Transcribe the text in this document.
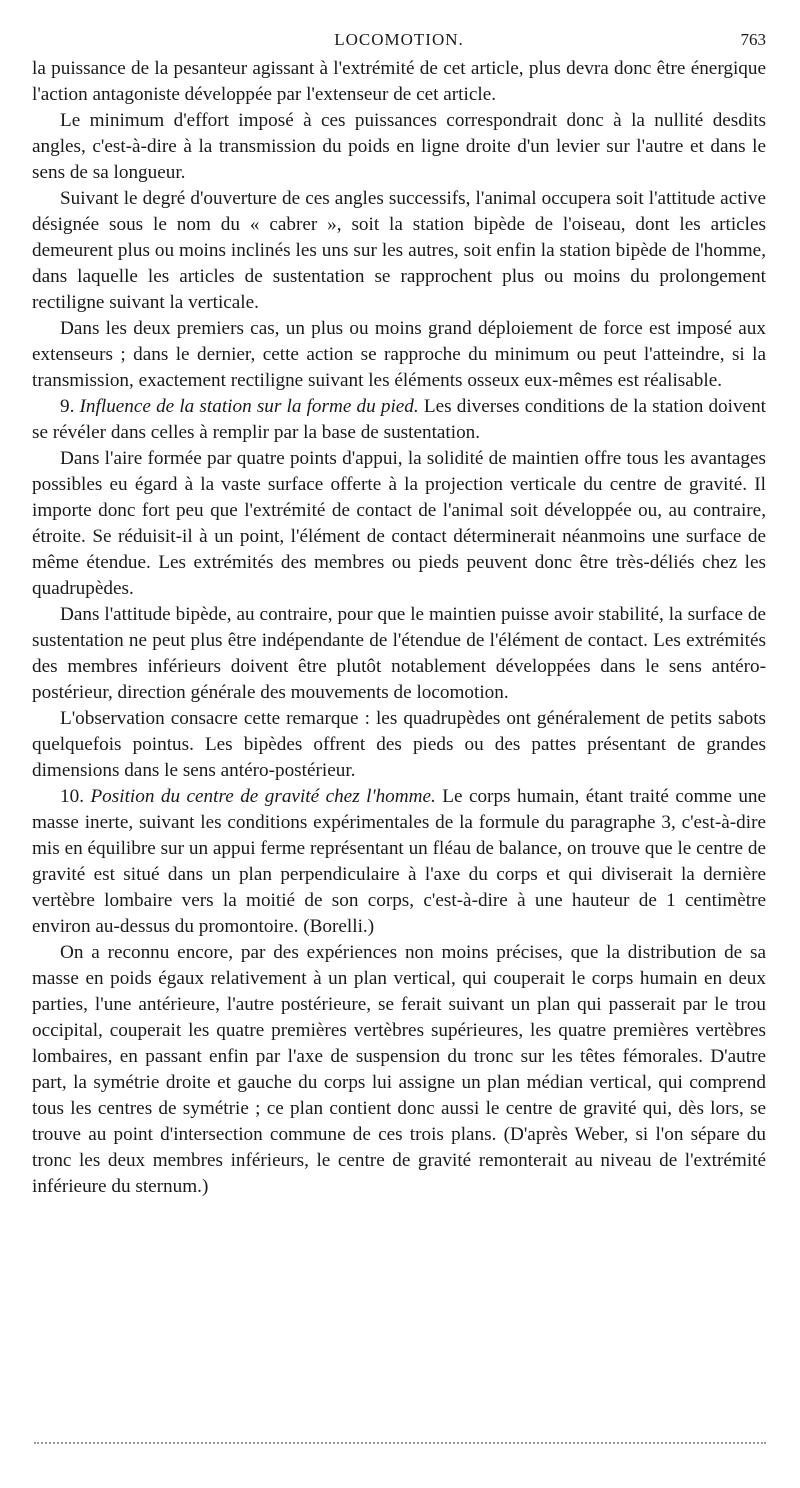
LOCOMOTION.	763

la puissance de la pesanteur agissant à l'extrémité de cet article, plus devra donc être énergique l'action antagoniste développée par l'extenseur de cet article.

Le minimum d'effort imposé à ces puissances correspondrait donc à la nullité desdits angles, c'est-à-dire à la transmission du poids en ligne droite d'un levier sur l'autre et dans le sens de sa longueur.

Suivant le degré d'ouverture de ces angles successifs, l'animal occupera soit l'attitude active désignée sous le nom du « cabrer », soit la station bipède de l'oiseau, dont les articles demeurent plus ou moins inclinés les uns sur les autres, soit enfin la station bipède de l'homme, dans laquelle les articles de sustentation se rapprochent plus ou moins du prolongement rectiligne suivant la verticale.

Dans les deux premiers cas, un plus ou moins grand déploiement de force est imposé aux extenseurs ; dans le dernier, cette action se rapproche du minimum ou peut l'atteindre, si la transmission, exactement rectiligne suivant les éléments osseux eux-mêmes est réalisable.

9. Influence de la station sur la forme du pied. Les diverses conditions de la station doivent se révéler dans celles à remplir par la base de sustentation.

Dans l'aire formée par quatre points d'appui, la solidité de maintien offre tous les avantages possibles eu égard à la vaste surface offerte à la projection verticale du centre de gravité. Il importe donc fort peu que l'extrémité de contact de l'animal soit développée ou, au contraire, étroite. Se réduisit-il à un point, l'élément de contact déterminerait néanmoins une surface de même étendue. Les extrémités des membres ou pieds peuvent donc être très-déliés chez les quadrupèdes.

Dans l'attitude bipède, au contraire, pour que le maintien puisse avoir stabilité, la surface de sustentation ne peut plus être indépendante de l'étendue de l'élément de contact. Les extrémités des membres inférieurs doivent être plutôt notablement développées dans le sens antéro-postérieur, direction générale des mouvements de locomotion.

L'observation consacre cette remarque : les quadrupèdes ont généralement de petits sabots quelquefois pointus. Les bipèdes offrent des pieds ou des pattes présentant de grandes dimensions dans le sens antéro-postérieur.

10. Position du centre de gravité chez l'homme. Le corps humain, étant traité comme une masse inerte, suivant les conditions expérimentales de la formule du paragraphe 3, c'est-à-dire mis en équilibre sur un appui ferme représentant un fléau de balance, on trouve que le centre de gravité est situé dans un plan perpendiculaire à l'axe du corps et qui diviserait la dernière vertèbre lombaire vers la moitié de son corps, c'est-à-dire à une hauteur de 1 centimètre environ au-dessus du promontoire. (Borelli.)

On a reconnu encore, par des expériences non moins précises, que la distribution de sa masse en poids égaux relativement à un plan vertical, qui couperait le corps humain en deux parties, l'une antérieure, l'autre postérieure, se ferait suivant un plan qui passerait par le trou occipital, couperait les quatre premières vertèbres supérieures, les quatre premières vertèbres lombaires, en passant enfin par l'axe de suspension du tronc sur les têtes fémorales. D'autre part, la symétrie droite et gauche du corps lui assigne un plan médian vertical, qui comprend tous les centres de symétrie ; ce plan contient donc aussi le centre de gravité qui, dès lors, se trouve au point d'intersection commune de ces trois plans. (D'après Weber, si l'on sépare du tronc les deux membres inférieurs, le centre de gravité remonterait au niveau de l'extrémité inférieure du sternum.)
